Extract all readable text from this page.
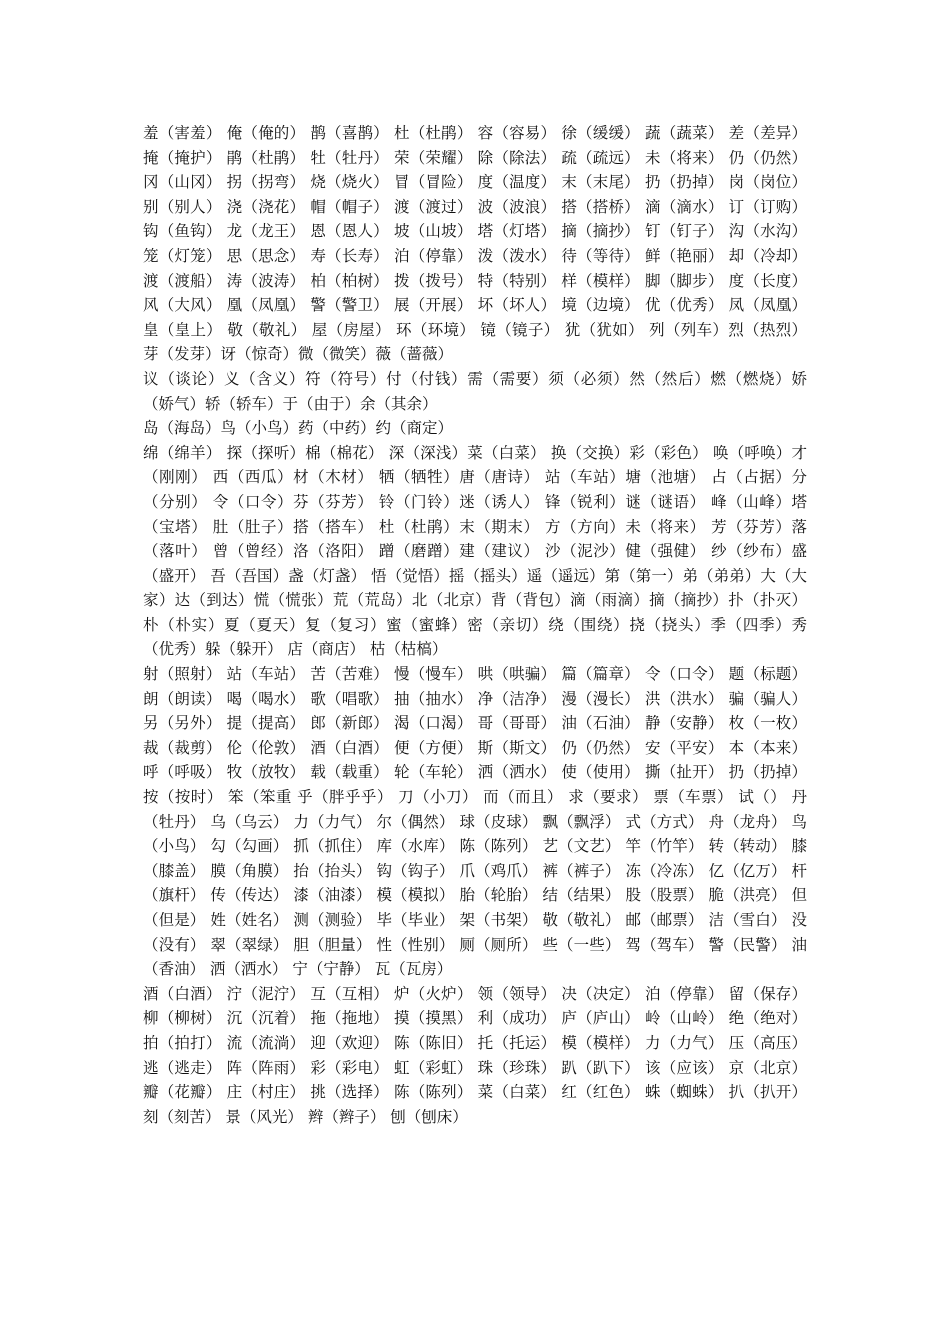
羞（害羞） 俺（俺的） 鹊（喜鹊） 杜（杜鹃） 容（容易） 徐（缓缓） 蔬（蔬菜） 差（差异） 掩（掩护） 鹃（杜鹃） 牡（牡丹） 荣（荣耀） 除（除法） 疏（疏远） 未（将来） 仍（仍然） 冈（山冈） 拐（拐弯） 烧（烧火） 冒（冒险） 度（温度） 末（末尾） 扔（扔掉） 岗（岗位） 别（别人） 浇（浇花） 帽（帽子） 渡（渡过） 波（波浪） 搭（搭桥） 滴（滴水） 订（订购） 钩（鱼钩） 龙（龙王） 恩（恩人） 坡（山坡） 塔（灯塔） 摘（摘抄） 钉（钉子） 沟（水沟） 笼（灯笼） 思（思念） 寿（长寿） 泊（停靠） 泼（泼水） 待（等待） 鲜（艳丽） 却（冷却） 渡（渡船） 涛（波涛） 柏（柏树） 拨（拨号） 特（特别） 样（模样） 脚（脚步） 度（长度） 风（大风） 凰（凤凰） 警（警卫） 展（开展） 坏（坏人） 境（边境） 优（优秀） 凤（凤凰） 皇（皇上） 敬（敬礼） 屋（房屋） 环（环境） 镜（镜子） 犹（犹如） 列（列车）烈（热烈）芽（发芽）讶（惊奇）微（微笑）薇（蔷薇）

议（谈论）义（含义）符（符号）付（付钱）需（需要）须（必须）然（然后）燃（燃烧）娇（娇气）轿（轿车）于（由于）余（其余）

岛（海岛）鸟（小鸟）药（中药）约（商定）

绵（绵羊） 探（探听）棉（棉花） 深（深浅）菜（白菜） 换（交换）彩（彩色） 唤（呼唤）才（刚刚） 西（西瓜）材（木材） 牺（牺牲）唐（唐诗） 站（车站）塘（池塘） 占（占据）分（分别） 令（口令）芬（芬芳） 铃（门铃）迷（诱人） 锋（锐利）谜（谜语） 峰（山峰）塔（宝塔） 肚（肚子）搭（搭车） 杜（杜鹃）末（期末） 方（方向）未（将来） 芳（芬芳）落（落叶） 曾（曾经）洛（洛阳） 蹭（磨蹭）建（建议） 沙（泥沙）健（强健） 纱（纱布）盛（盛开） 吾（吾国）盏（灯盏） 悟（觉悟）摇（摇头）遥（遥远）第（第一）弟（弟弟）大（大家）达（到达）慌（慌张）荒（荒岛）北（北京）背（背包）滴（雨滴）摘（摘抄）扑（扑灭）朴（朴实）夏（夏天）复（复习）蜜（蜜蜂）密（亲切）绕（围绕）挠（挠头）季（四季）秀（优秀）躲（躲开） 店（商店） 枯（枯槁）

射（照射） 站（车站） 苦（苦难） 慢（慢车） 哄（哄骗） 篇（篇章） 令（口令） 题（标题） 朗（朗读） 喝（喝水） 歌（唱歌） 抽（抽水） 净（洁净） 漫（漫长） 洪（洪水） 骗（骗人） 另（另外） 提（提高） 郎（新郎） 渴（口渴） 哥（哥哥） 油（石油） 静（安静） 枚（一枚） 裁（裁剪） 伦（伦敦） 酒（白酒） 便（方便） 斯（斯文） 仍（仍然） 安（平安） 本（本来） 呼（呼吸） 牧（放牧） 载（载重） 轮（车轮） 洒（洒水） 使（使用） 撕（扯开） 扔（扔掉） 按（按时） 笨（笨重 乎（胖乎乎） 刀（小刀） 而（而且） 求（要求） 票（车票） 试（） 丹（牡丹） 乌（乌云） 力（力气） 尔（偶然） 球（皮球） 飘（飘浮） 式（方式） 舟（龙舟） 鸟（小鸟） 勾（勾画） 抓（抓住） 库（水库） 陈（陈列） 艺（文艺） 竿（竹竿） 转（转动） 膝（膝盖） 膜（角膜） 抬（抬头） 钩（钩子） 爪（鸡爪） 裤（裤子） 冻（冷冻） 亿（亿万） 杆（旗杆） 传（传达） 漆（油漆） 模（模拟） 胎（轮胎） 结（结果） 股（股票） 脆（洪亮） 但（但是） 姓（姓名） 测（测验） 毕（毕业） 架（书架） 敬（敬礼） 邮（邮票） 洁（雪白） 没（没有） 翠（翠绿） 胆（胆量） 性（性别） 厕（厕所） 些（一些） 驾（驾车） 警（民警） 油（香油） 洒（洒水） 宁（宁静） 瓦（瓦房）

酒（白酒） 泞（泥泞） 互（互相） 炉（火炉） 领（领导） 决（决定） 泊（停靠） 留（保存） 柳（柳树） 沉（沉着） 拖（拖地） 摸（摸黑） 利（成功） 庐（庐山） 岭（山岭） 绝（绝对） 拍（拍打） 流（流淌） 迎（欢迎） 陈（陈旧） 托（托运） 模（模样） 力（力气） 压（高压） 逃（逃走） 阵（阵雨） 彩（彩电） 虹（彩虹） 珠（珍珠） 趴（趴下） 该（应该） 京（北京） 瓣（花瓣） 庄（村庄） 挑（选择） 陈（陈列） 菜（白菜） 红（红色） 蛛（蜘蛛） 扒（扒开） 刻（刻苦） 景（风光） 辫（辫子） 刨（刨床）
